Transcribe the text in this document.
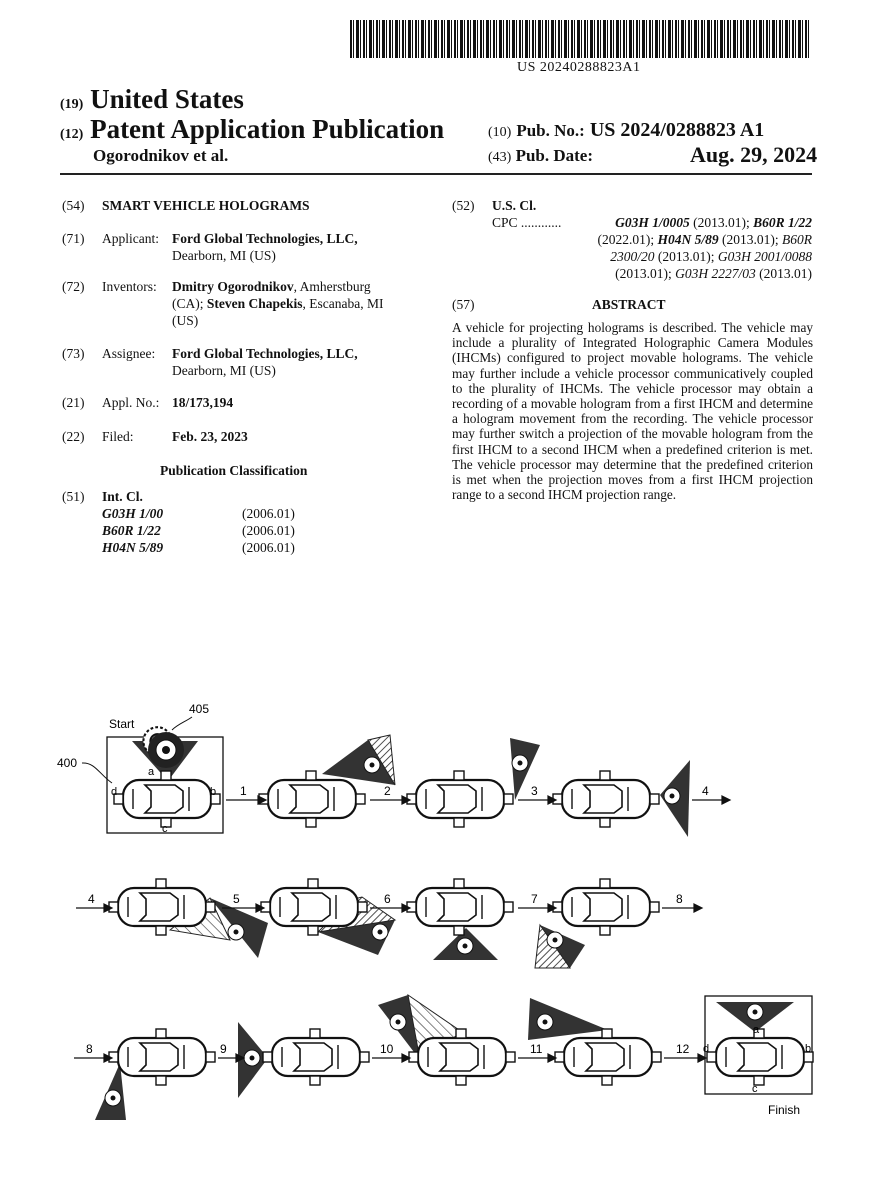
US 20240288823A1
(19) United States
(12) Patent Application Publication
Ogorodnikov et al.
(10) Pub. No.: US 2024/0288823 A1
(43) Pub. Date:	Aug. 29, 2024
(54) SMART VEHICLE HOLOGRAMS
(71) Applicant: Ford Global Technologies, LLC,
Dearborn, MI (US)
(72) Inventors: Dmitry Ogorodnikov, Amherstburg
(CA); Steven Chapekis, Escanaba, MI
(US)
(73) Assignee: Ford Global Technologies, LLC,
Dearborn, MI (US)
(21) Appl. No.: 18/173,194
(22) Filed:	Feb. 23, 2023
Publication Classification
(51) Int. Cl.
G03H 1/00	(2006.01)
B60R 1/22	(2006.01)
H04N 5/89	(2006.01)
(52) U.S. Cl.
CPC ............	G03H 1/0005 (2013.01); B60R 1/22
(2022.01); H04N 5/89 (2013.01); B60R
2300/20 (2013.01); G03H 2001/0088
(2013.01); G03H 2227/03 (2013.01)
(57)	ABSTRACT
A vehicle for projecting holograms is described. The vehicle may include a plurality of Integrated Holographic Camera Modules (IHCMs) configured to project movable holograms. The vehicle may further include a vehicle processor communicatively coupled to the plurality of IHCMs. The vehicle processor may obtain a recording of a movable hologram from a first IHCM and determine a hologram movement from the recording. The vehicle processor may further switch a projection of the movable hologram from the first IHCM to a second IHCM when a predefined criterion is met. The vehicle processor may determine that the predefined criterion is met when the projection moves from a first IHCM projection range to a second IHCM projection range.
Start
Finish
400
405
1	2	3	4
4	5	6	7	8
8	9	10	11	12
a
b
c
d
a
b
c
d
